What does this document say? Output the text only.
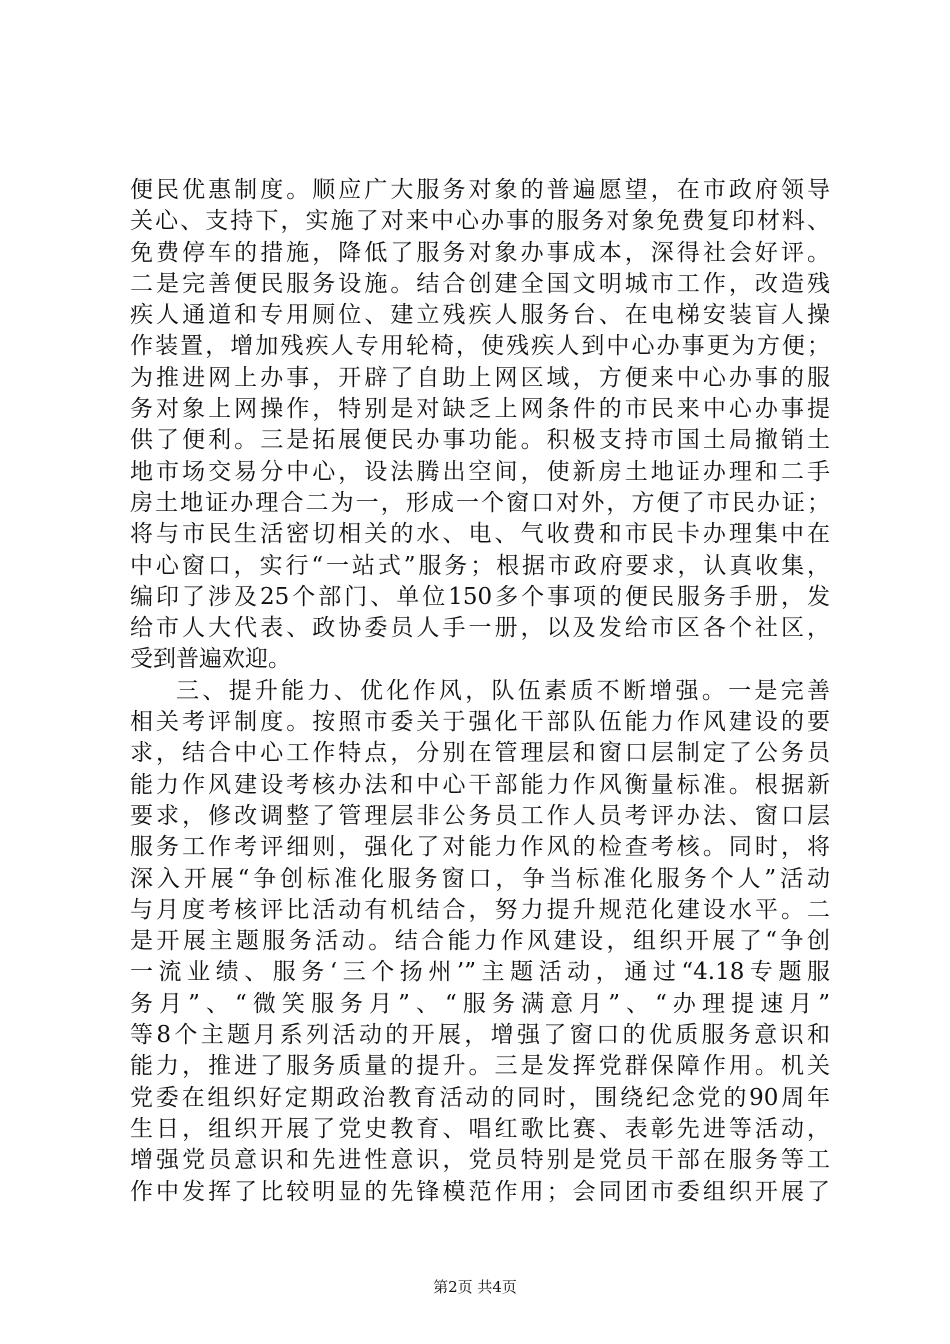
便民优惠制度。顺应广大服务对象的普遍愿望，在市政府领导
关心、支持下，实施了对来中心办事的服务对象免费复印材料、
免费停车的措施，降低了服务对象办事成本，深得社会好评。
二是完善便民服务设施。结合创建全国文明城市工作，改造残
疾人通道和专用厕位、建立残疾人服务台、在电梯安装盲人操
作装置，增加残疾人专用轮椅，使残疾人到中心办事更为方便；
为推进网上办事，开辟了自助上网区域，方便来中心办事的服
务对象上网操作，特别是对缺乏上网条件的市民来中心办事提
供了便利。三是拓展便民办事功能。积极支持市国土局撤销土
地市场交易分中心，设法腾出空间，使新房土地证办理和二手
房土地证办理合二为一，形成一个窗口对外，方便了市民办证；
将与市民生活密切相关的水、电、气收费和市民卡办理集中在
中心窗口，实行“一站式”服务；根据市政府要求，认真收集，
编印了涉及25个部门、单位150多个事项的便民服务手册，发
给市人大代表、政协委员人手一册，以及发给市区各个社区，
受到普遍欢迎。
三、提升能力、优化作风，队伍素质不断增强。一是完善
相关考评制度。按照市委关于强化干部队伍能力作风建设的要
求，结合中心工作特点，分别在管理层和窗口层制定了公务员
能力作风建设考核办法和中心干部能力作风衡量标准。根据新
要求，修改调整了管理层非公务员工作人员考评办法、窗口层
服务工作考评细则，强化了对能力作风的检查考核。同时，将
深入开展“争创标准化服务窗口，争当标准化服务个人”活动
与月度考核评比活动有机结合，努力提升规范化建设水平。二
是开展主题服务活动。结合能力作风建设，组织开展了“争创
一流业绩、服务‘三个扬州’”主题活动，通过“4.18专题服
务月”、“微笑服务月”、“服务满意月”、“办理提速月”
等8个主题月系列活动的开展，增强了窗口的优质服务意识和
能力，推进了服务质量的提升。三是发挥党群保障作用。机关
党委在组织好定期政治教育活动的同时，围绕纪念党的90周年
生日，组织开展了党史教育、唱红歌比赛、表彰先进等活动，
增强党员意识和先进性意识，党员特别是党员干部在服务等工
作中发挥了比较明显的先锋模范作用；会同团市委组织开展了
第2页 共4页
